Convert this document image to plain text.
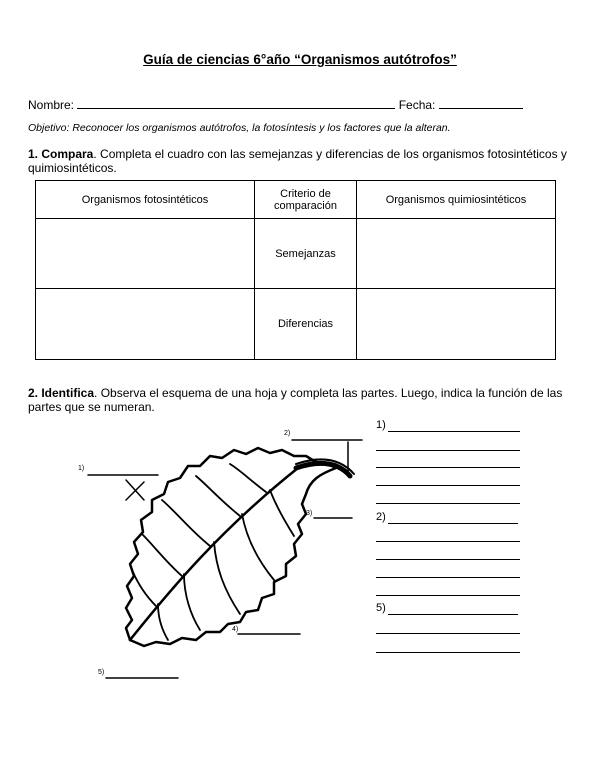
Guía de ciencias 6°año “Organismos autótrofos”
Nombre:	Fecha:
Objetivo: Reconocer los organismos autótrofos, la fotosíntesis y los factores que la alteran.
1. Compara. Completa el cuadro con las semejanzas y diferencias de los organismos fotosintéticos y quimiosintéticos.
Organismos fotosintéticos	Criterio de comparación	Organismos quimiosintéticos
	Semejanzas	
	Diferencias	
2. Identifica. Observa el esquema de una hoja y completa las partes. Luego, indica la función de las partes que se numeran.
1)
2)
3)
4)
5)
1)
2)
5)
